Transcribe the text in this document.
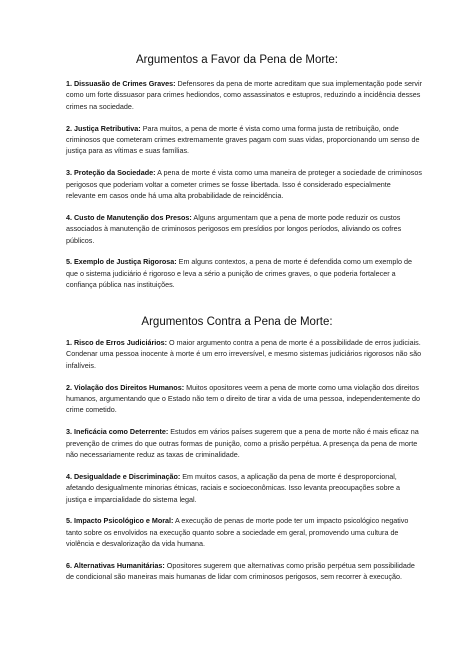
Argumentos a Favor da Pena de Morte:

1. Dissuasão de Crimes Graves: Defensores da pena de morte acreditam que sua implementação pode servir como um forte dissuasor para crimes hediondos, como assassinatos e estupros, reduzindo a incidência desses crimes na sociedade.

2. Justiça Retributiva: Para muitos, a pena de morte é vista como uma forma justa de retribuição, onde criminosos que cometeram crimes extremamente graves pagam com suas vidas, proporcionando um senso de justiça para as vítimas e suas famílias.

3. Proteção da Sociedade: A pena de morte é vista como uma maneira de proteger a sociedade de criminosos perigosos que poderiam voltar a cometer crimes se fosse libertada. Isso é considerado especialmente relevante em casos onde há uma alta probabilidade de reincidência.

4. Custo de Manutenção dos Presos: Alguns argumentam que a pena de morte pode reduzir os custos associados à manutenção de criminosos perigosos em presídios por longos períodos, aliviando os cofres públicos.

5. Exemplo de Justiça Rigorosa: Em alguns contextos, a pena de morte é defendida como um exemplo de que o sistema judiciário é rigoroso e leva a sério a punição de crimes graves, o que poderia fortalecer a confiança pública nas instituições.

Argumentos Contra a Pena de Morte:

1. Risco de Erros Judiciários: O maior argumento contra a pena de morte é a possibilidade de erros judiciais. Condenar uma pessoa inocente à morte é um erro irreversível, e mesmo sistemas judiciários rigorosos não são infalíveis.

2. Violação dos Direitos Humanos: Muitos opositores veem a pena de morte como uma violação dos direitos humanos, argumentando que o Estado não tem o direito de tirar a vida de uma pessoa, independentemente do crime cometido.

3. Ineficácia como Deterrente: Estudos em vários países sugerem que a pena de morte não é mais eficaz na prevenção de crimes do que outras formas de punição, como a prisão perpétua. A presença da pena de morte não necessariamente reduz as taxas de criminalidade.

4. Desigualdade e Discriminação: Em muitos casos, a aplicação da pena de morte é desproporcional, afetando desigualmente minorias étnicas, raciais e socioeconômicas. Isso levanta preocupações sobre a justiça e imparcialidade do sistema legal.

5. Impacto Psicológico e Moral: A execução de penas de morte pode ter um impacto psicológico negativo tanto sobre os envolvidos na execução quanto sobre a sociedade em geral, promovendo uma cultura de violência e desvalorização da vida humana.

6. Alternativas Humanitárias: Opositores sugerem que alternativas como prisão perpétua sem possibilidade de condicional são maneiras mais humanas de lidar com criminosos perigosos, sem recorrer à execução.
